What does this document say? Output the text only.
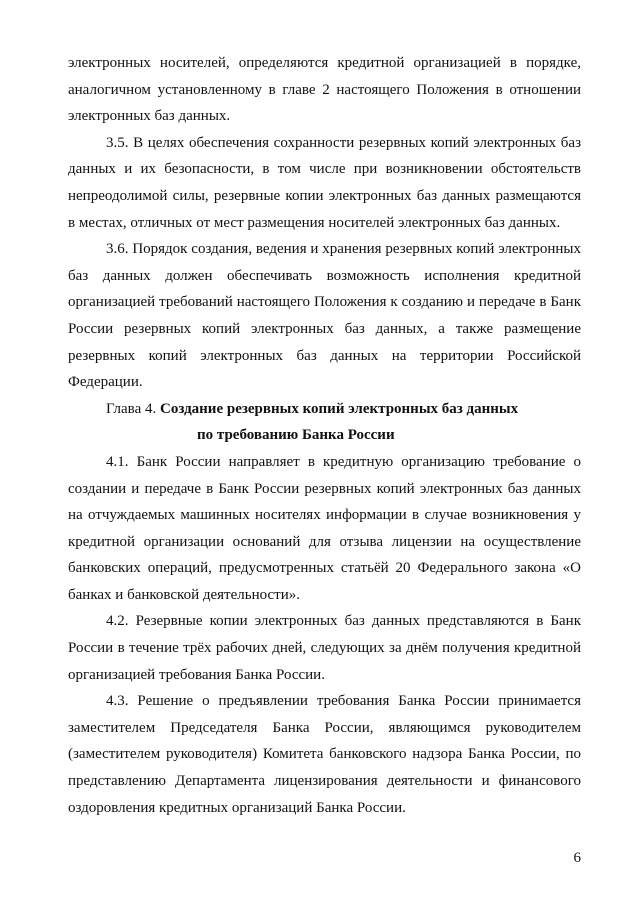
электронных носителей, определяются кредитной организацией в порядке, аналогичном установленному в главе 2 настоящего Положения в отношении электронных баз данных.

3.5. В целях обеспечения сохранности резервных копий электронных баз данных и их безопасности, в том числе при возникновении обстоятельств непреодолимой силы, резервные копии электронных баз данных размещаются в местах, отличных от мест размещения носителей электронных баз данных.

3.6. Порядок создания, ведения и хранения резервных копий электронных баз данных должен обеспечивать возможность исполнения кредитной организацией требований настоящего Положения к созданию и передаче в Банк России резервных копий электронных баз данных, а также размещение резервных копий электронных баз данных на территории Российской Федерации.

Глава 4. Создание резервных копий электронных баз данных

по требованию Банка России

4.1. Банк России направляет в кредитную организацию требование о создании и передаче в Банк России резервных копий электронных баз данных на отчуждаемых машинных носителях информации в случае возникновения у кредитной организации оснований для отзыва лицензии на осуществление банковских операций, предусмотренных статьёй 20 Федерального закона «О банках и банковской деятельности».

4.2. Резервные копии электронных баз данных представляются в Банк России в течение трёх рабочих дней, следующих за днём получения кредитной организацией требования Банка России.

4.3. Решение о предъявлении требования Банка России принимается заместителем Председателя Банка России, являющимся руководителем (заместителем руководителя) Комитета банковского надзора Банка России, по представлению Департамента лицензирования деятельности и финансового оздоровления кредитных организаций Банка России.

6
